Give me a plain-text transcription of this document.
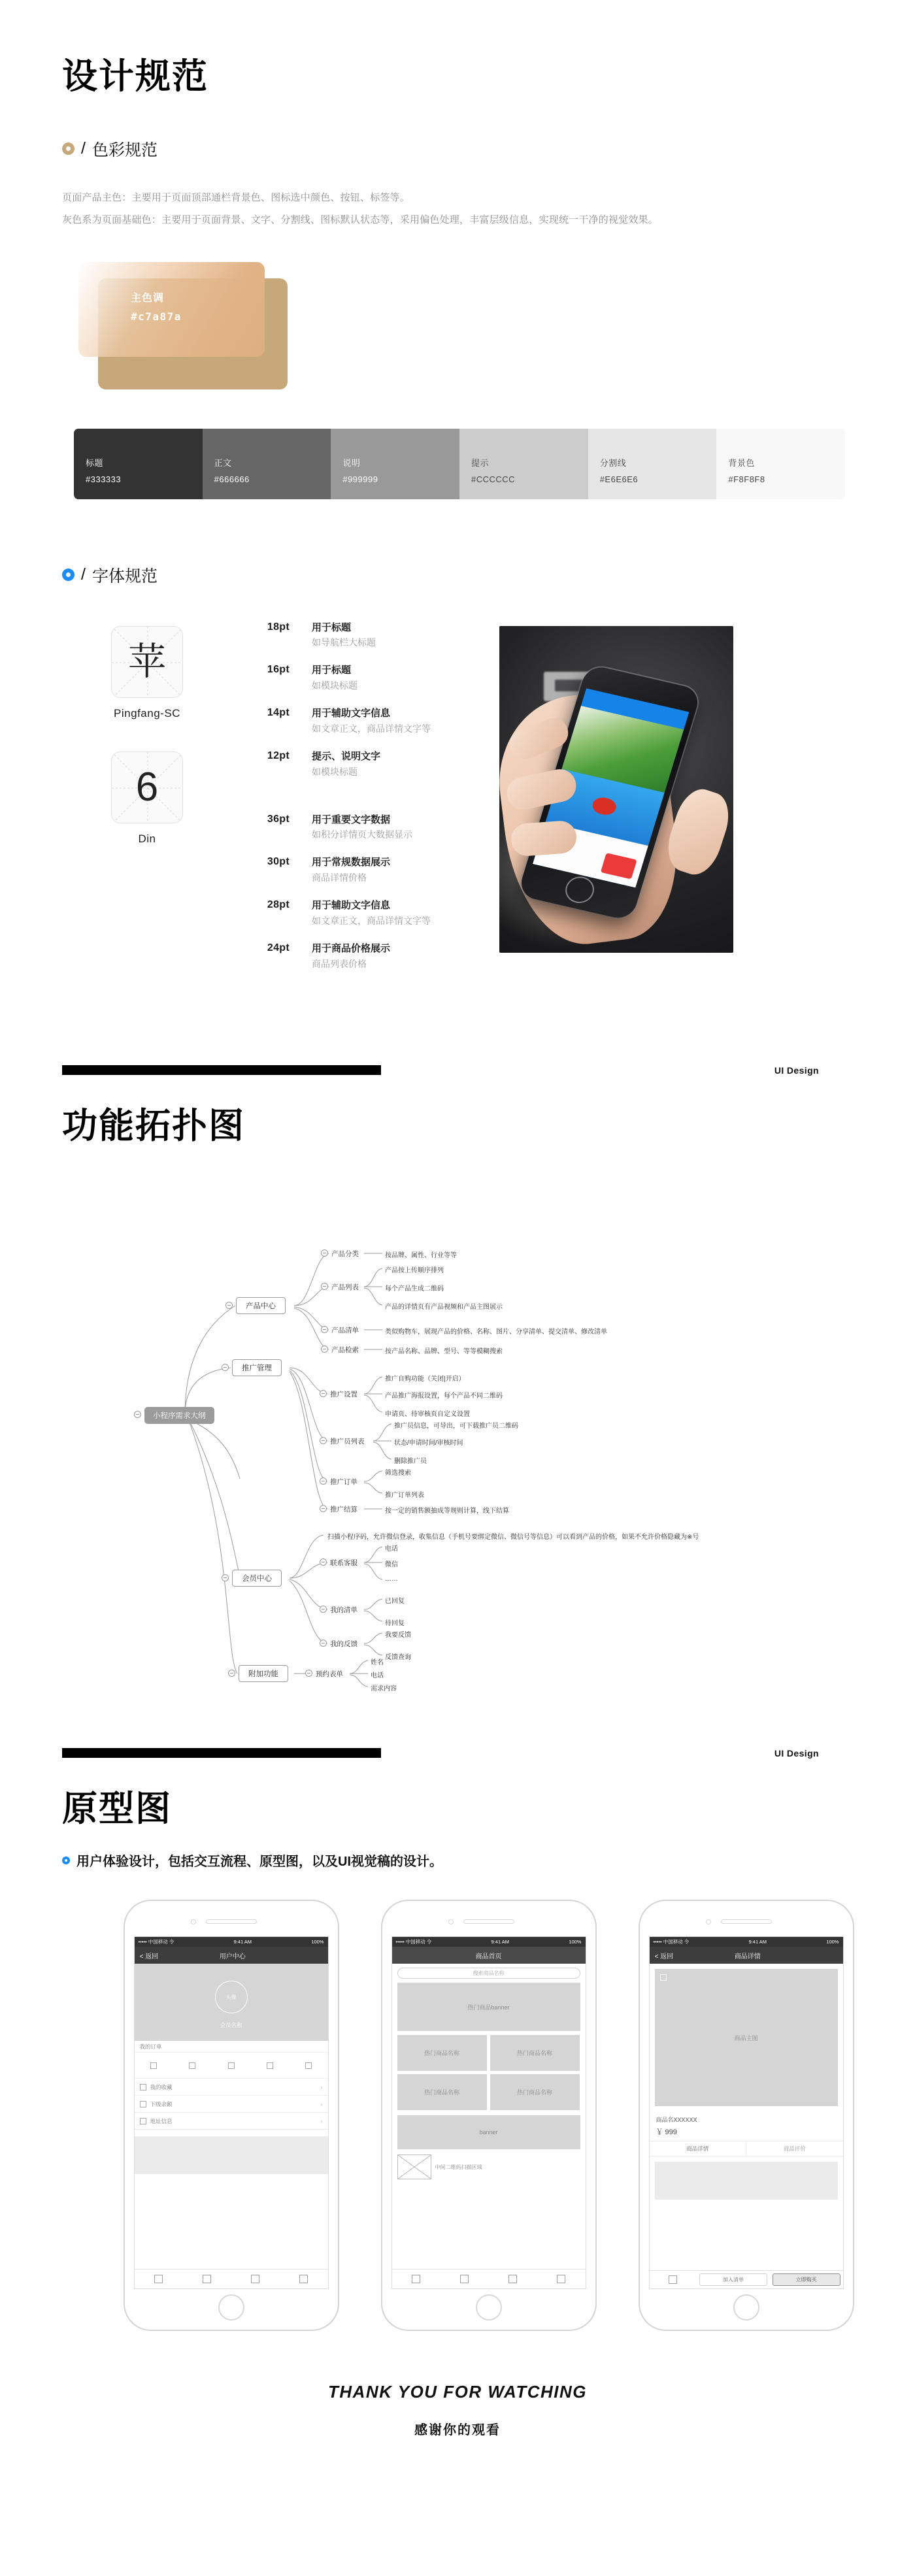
设计规范
/ 色彩规范
页面产品主色：主要用于页面顶部通栏背景色、图标选中颜色、按钮、标签等。
灰色系为页面基础色：主要用于页面背景、文字、分割线、图标默认状态等，采用偏色处理，丰富层级信息，实现统一干净的视觉效果。
主色调
#c7a87a
标题
#333333
正文
#666666
说明
#999999
提示
#CCCCCC
分割线
#E6E6E6
背景色
#F8F8F8
/ 字体规范
苹
Pingfang-SC
6
Din
18pt	用于标题
如导航栏大标题
16pt	用于标题
如模块标题
14pt	用于辅助文字信息
如文章正文，商品详情文字等
12pt	提示、说明文字
如模块标题
36pt	用于重要文字数据
如积分详情页大数据显示
30pt	用于常规数据展示
商品详情价格
28pt	用于辅助文字信息
如文章正文，商品详情文字等
24pt	用于商品价格展示
商品列表价格
UI Design
功能拓扑图
小程序需求大纲
产品中心
产品分类	按品牌、属性、行业等等
产品列表
产品按上传顺序排列
每个产品生成二维码
产品的详情页有产品视频和产品主图展示
产品清单	类似购物车，展现产品的价格、名称、图片、分享清单、提交清单、修改清单
产品检索	按产品名称、品牌、型号、等等模糊搜索
推广管理
推广设置
推广自购功能（关闭|开启）
产品推广海报设置，每个产品不同二维码
申请页、待审核页自定义设置
推广员列表
推广员信息，可导出，可下载推广员二维码
状态/申请时间/审核时间
删除推广员
推广订单
筛选搜索
推广订单列表
推广结算	按一定的销售额抽成等规则计算，线下结算
会员中心
扫描小程序码，允许微信登录，收集信息（手机号要绑定微信、微信号等信息）可以看到产品的价格，如果不允许价格隐藏为※号
联系客服
电话
微信
……
我的清单
已回复
待回复
我的反馈
我要反馈
反馈查询
附加功能	预约表单
姓名
电话
需求内容
UI Design
原型图
用户体验设计，包括交互流程、原型图，以及UI视觉稿的设计。
••••• 中国移动 令	9:41 AM	100%
< 返回	用户中心
头像
会员名称
我的订单
我的收藏	›
下级余额	›
地址信息	›
••••• 中国移动 令	9:41 AM	100%
商品首页
搜索商品名称
热门商品banner
热门商品名称	热门商品名称
热门商品名称	热门商品名称
banner
中间二维码扫描区域
••••• 中国移动 令	9:41 AM	100%
< 返回	商品详情
商品主图
商品名XXXXXX
￥ 999
商品详情	商品评价
加入清单	立即购买
THANK YOU FOR WATCHING
感谢你的观看
